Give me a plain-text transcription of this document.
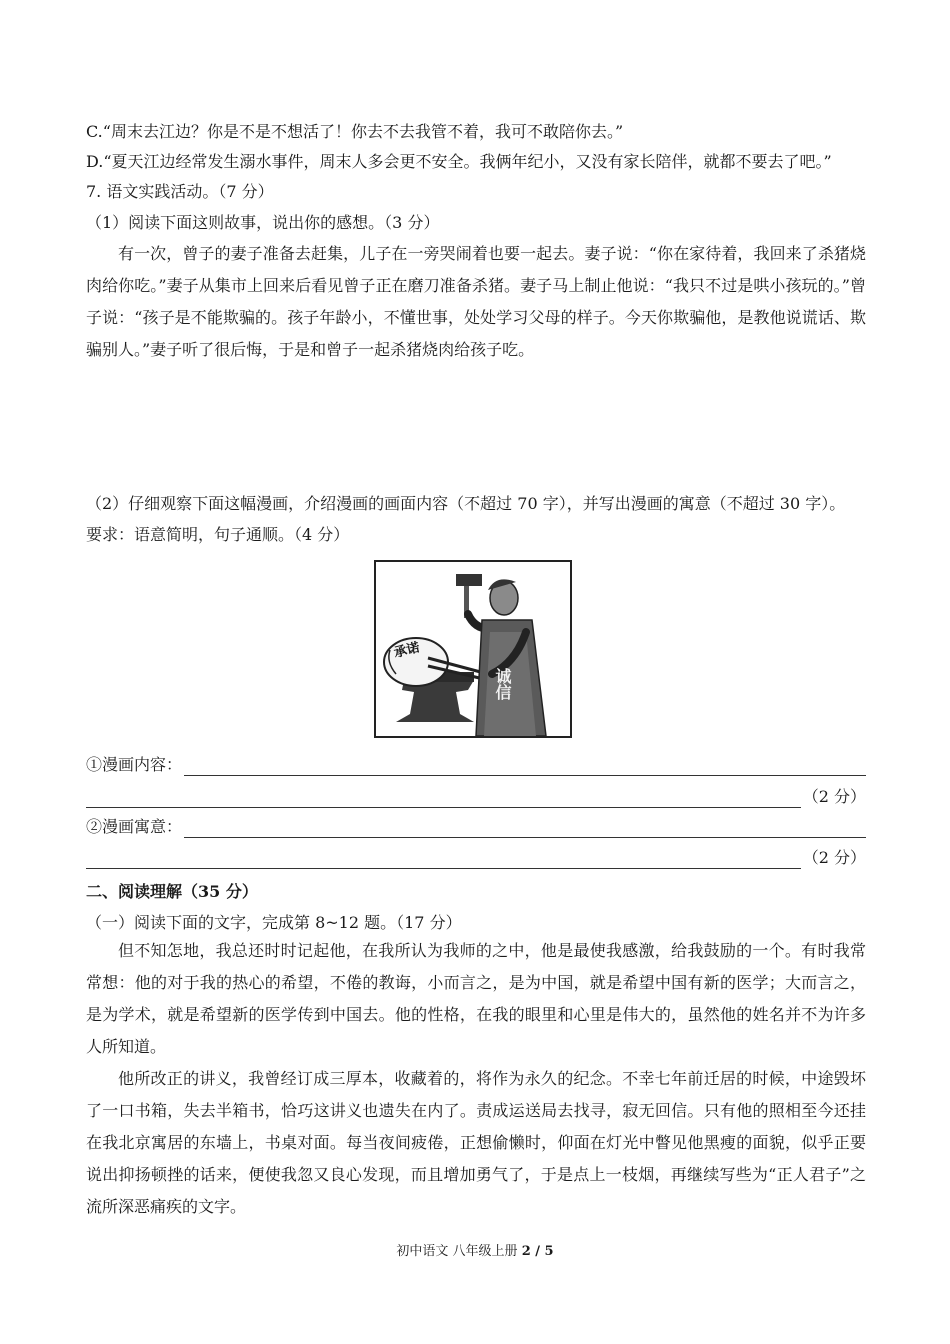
C.“周末去江边？你是不是不想活了！你去不去我管不着，我可不敢陪你去。”
D.“夏天江边经常发生溺水事件，周末人多会更不安全。我俩年纪小，又没有家长陪伴，就都不要去了吧。”
7. 语文实践活动。（7 分）
（1）阅读下面这则故事，说出你的感想。（3 分）
有一次，曾子的妻子准备去赶集，儿子在一旁哭闹着也要一起去。妻子说：“你在家待着，我回来了杀猪烧肉给你吃。”妻子从集市上回来后看见曾子正在磨刀准备杀猪。妻子马上制止他说：“我只不过是哄小孩玩的。”曾子说：“孩子是不能欺骗的。孩子年龄小，不懂世事，处处学习父母的样子。今天你欺骗他，是教他说谎话、欺骗别人。”妻子听了很后悔，于是和曾子一起杀猪烧肉给孩子吃。
（2）仔细观察下面这幅漫画，介绍漫画的画面内容（不超过 70 字），并写出漫画的寓意（不超过 30 字）。
要求：语意简明，句子通顺。（4 分）
承诺
诚信
①漫画内容：
（2 分）
②漫画寓意：
（2 分）
二、阅读理解（35 分）
（一）阅读下面的文字，完成第 8~12 题。（17 分）
但不知怎地，我总还时时记起他，在我所认为我师的之中，他是最使我感激，给我鼓励的一个。有时我常常想：他的对于我的热心的希望，不倦的教诲，小而言之，是为中国，就是希望中国有新的医学；大而言之，是为学术，就是希望新的医学传到中国去。他的性格，在我的眼里和心里是伟大的，虽然他的姓名并不为许多人所知道。
他所改正的讲义，我曾经订成三厚本，收藏着的，将作为永久的纪念。不幸七年前迁居的时候，中途毁坏了一口书箱，失去半箱书，恰巧这讲义也遗失在内了。责成运送局去找寻，寂无回信。只有他的照相至今还挂在我北京寓居的东墙上，书桌对面。每当夜间疲倦，正想偷懒时，仰面在灯光中瞥见他黑瘦的面貌，似乎正要说出抑扬顿挫的话来，便使我忽又良心发现，而且增加勇气了，于是点上一枝烟，再继续写些为“正人君子”之流所深恶痛疾的文字。
初中语文 八年级上册 2 / 5
